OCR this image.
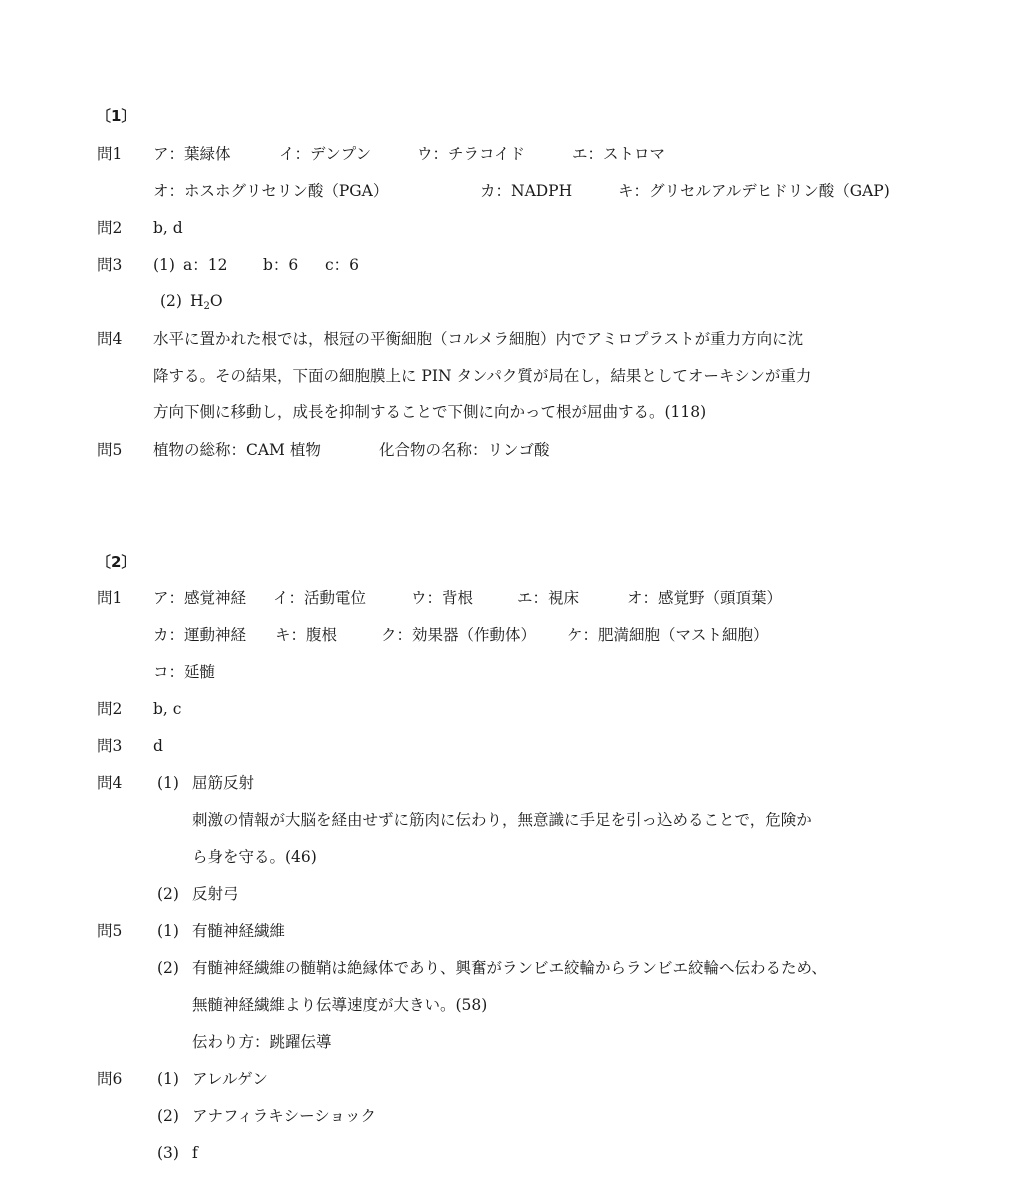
〔1〕
問1 ア：葉緑体	イ：デンプン	ウ：チラコイド	エ：ストロマ
オ：ホスホグリセリン酸（PGA）	カ：NADPH	キ：グリセルアルデヒドリン酸（GAP)
問2 b, d
問3 (1) a：12 b：6 c：6
(2) $H_2O$
問4 水平に置かれた根では，根冠の平衡細胞（コルメラ細胞）内でアミロプラストが重力方向に沈
降する。その結果，下面の細胞膜上に PIN タンパク質が局在し，結果としてオーキシンが重力
方向下側に移動し，成長を抑制することで下側に向かって根が屈曲する。(118)
問5 植物の総称：CAM 植物	化合物の名称：リンゴ酸
〔2〕
問1 ア：感覚神経 イ：活動電位	ウ：背根	エ：視床	オ：感覚野（頭頂葉）
カ：運動神経 キ：腹根	ク：効果器（作動体） ケ：肥満細胞（マスト細胞）
コ：延髄
問2 b, c
問3 d
問4 (1) 屈筋反射
刺激の情報が大脳を経由せずに筋肉に伝わり，無意識に手足を引っ込めることで，危険か
ら身を守る。(46)
(2) 反射弓
問5 (1) 有髄神経繊維
(2) 有髄神経繊維の髄鞘は絶縁体であり、興奮がランビエ絞輪からランビエ絞輪へ伝わるため、
無髄神経繊維より伝導速度が大きい。(58)
伝わり方：跳躍伝導
問6 (1) アレルゲン
(2) アナフィラキシーショック
(3) f
